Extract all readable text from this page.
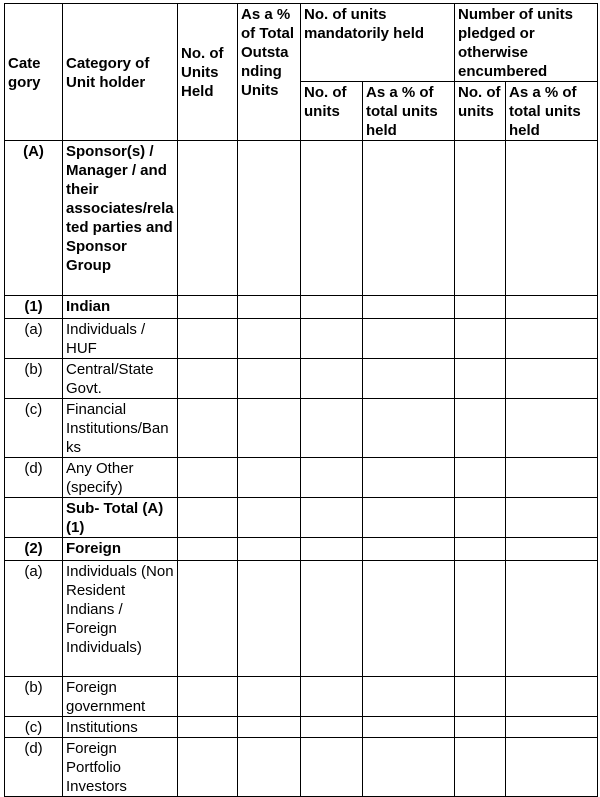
Cate
gory	Category of Unit holder	No. of Units Held	As a % of Total Outstanding Units	No. of units mandatorily held		Number of units pledged or otherwise encumbered	
				No. of units	As a % of total units held	No. of units	As a % of total units held
(A)	Sponsor(s) / Manager / and their associates/related parties and Sponsor Group						
(1)	Indian						
(a)	Individuals / HUF						
(b)	Central/State Govt.						
(c)	Financial Institutions/Banks						
(d)	Any Other (specify)						
	Sub- Total (A) (1)						
(2)	Foreign						
(a)	Individuals (Non Resident Indians / Foreign Individuals)						
(b)	Foreign government						
(c)	Institutions						
(d)	Foreign Portfolio Investors						
